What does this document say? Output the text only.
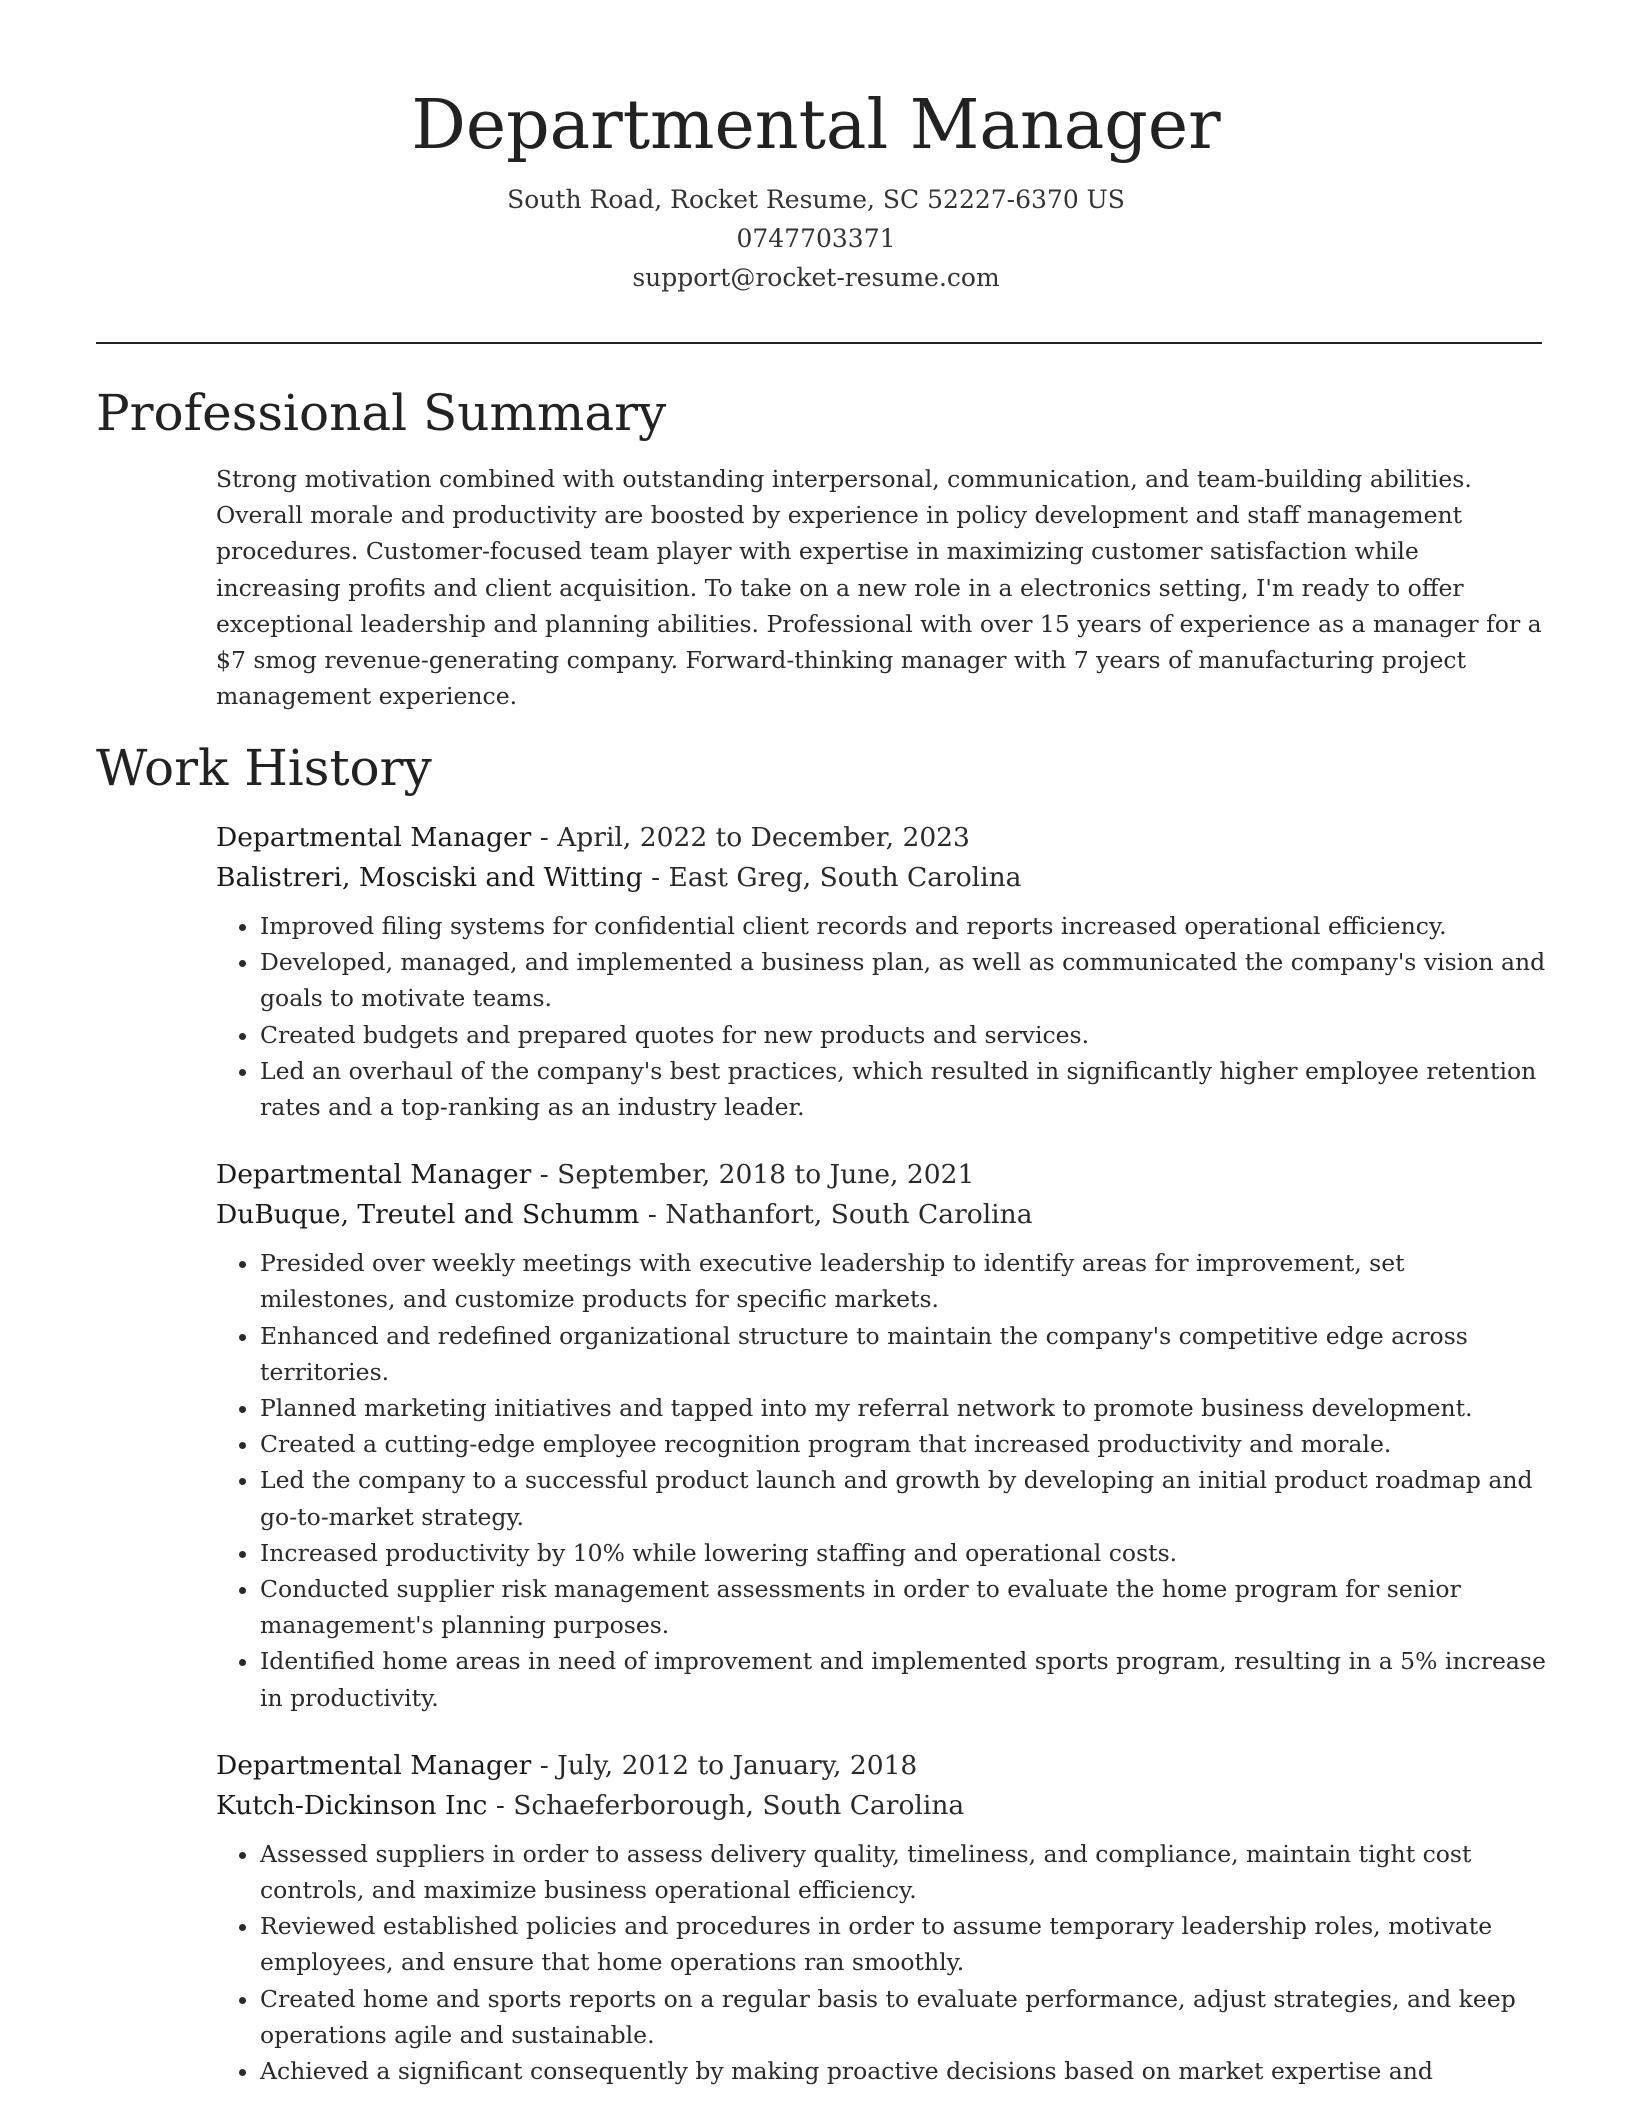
Departmental Manager
South Road, Rocket Resume, SC 52227-6370 US
0747703371
support@rocket-resume.com
Professional Summary

Strong motivation combined with outstanding interpersonal, communication, and team-building abilities. Overall morale and productivity are boosted by experience in policy development and staff management procedures. Customer-focused team player with expertise in maximizing customer satisfaction while increasing profits and client acquisition. To take on a new role in a electronics setting, I'm ready to offer exceptional leadership and planning abilities. Professional with over 15 years of experience as a manager for a $7 smog revenue-generating company. Forward-thinking manager with 7 years of manufacturing project management experience.

Work History
Departmental Manager - April, 2022 to December, 2023
Balistreri, Mosciski and Witting - East Greg, South Carolina
• Improved filing systems for confidential client records and reports increased operational efficiency.
• Developed, managed, and implemented a business plan, as well as communicated the company's vision and goals to motivate teams.
• Created budgets and prepared quotes for new products and services.
• Led an overhaul of the company's best practices, which resulted in significantly higher employee retention rates and a top-ranking as an industry leader.
Departmental Manager - September, 2018 to June, 2021
DuBuque, Treutel and Schumm - Nathanfort, South Carolina
• Presided over weekly meetings with executive leadership to identify areas for improvement, set milestones, and customize products for specific markets.
• Enhanced and redefined organizational structure to maintain the company's competitive edge across territories.
• Planned marketing initiatives and tapped into my referral network to promote business development.
• Created a cutting-edge employee recognition program that increased productivity and morale.
• Led the company to a successful product launch and growth by developing an initial product roadmap and go-to-market strategy.
• Increased productivity by 10% while lowering staffing and operational costs.
• Conducted supplier risk management assessments in order to evaluate the home program for senior management's planning purposes.
• Identified home areas in need of improvement and implemented sports program, resulting in a 5% increase in productivity.
Departmental Manager - July, 2012 to January, 2018
Kutch-Dickinson Inc - Schaeferborough, South Carolina
• Assessed suppliers in order to assess delivery quality, timeliness, and compliance, maintain tight cost controls, and maximize business operational efficiency.
• Reviewed established policies and procedures in order to assume temporary leadership roles, motivate employees, and ensure that home operations ran smoothly.
• Created home and sports reports on a regular basis to evaluate performance, adjust strategies, and keep operations agile and sustainable.
• Achieved a significant consequently by making proactive decisions based on market expertise and
